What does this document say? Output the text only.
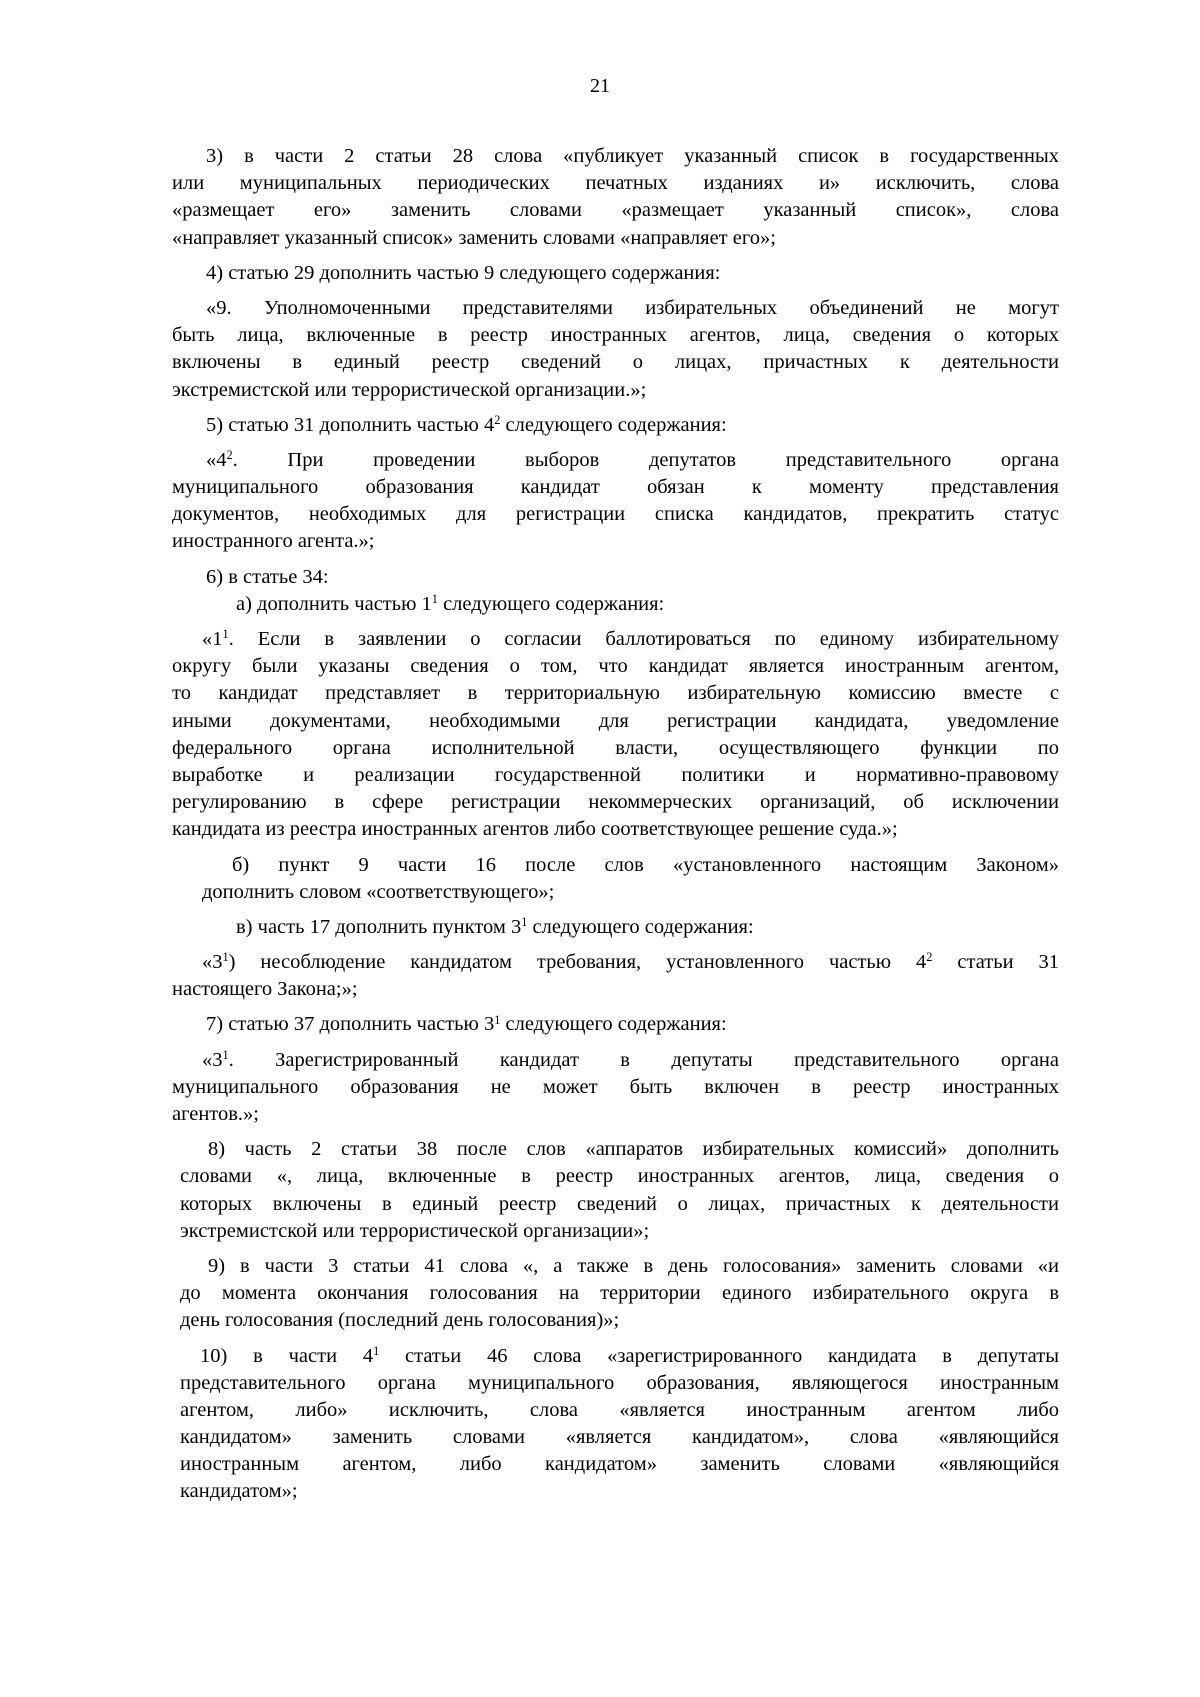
21
3) в части 2 статьи 28 слова «публикует указанный список в государственных
или муниципальных периодических печатных изданиях и» исключить, слова
«размещает его» заменить словами «размещает указанный список», слова
«направляет указанный список» заменить словами «направляет его»;
4) статью 29 дополнить частью 9 следующего содержания:
«9. Уполномоченными представителями избирательных объединений не могут
быть лица, включенные в реестр иностранных агентов, лица, сведения о которых
включены в единый реестр сведений о лицах, причастных к деятельности
экстремистской или террористической организации.»;
5) статью 31 дополнить частью $4^2$ следующего содержания:
«$4^2$. При проведении выборов депутатов представительного органа
муниципального образования кандидат обязан к моменту представления
документов, необходимых для регистрации списка кандидатов, прекратить статус
иностранного агента.»;
6) в статье 34:
а) дополнить частью $1^1$ следующего содержания:
«$1^1$. Если в заявлении о согласии баллотироваться по единому избирательному
округу были указаны сведения о том, что кандидат является иностранным агентом,
то кандидат представляет в территориальную избирательную комиссию вместе с
иными документами, необходимыми для регистрации кандидата, уведомление
федерального органа исполнительной власти, осуществляющего функции по
выработке и реализации государственной политики и нормативно-правовому
регулированию в сфере регистрации некоммерческих организаций, об исключении
кандидата из реестра иностранных агентов либо соответствующее решение суда.»;
б) пункт 9 части 16 после слов «установленного настоящим Законом»
дополнить словом «соответствующего»;
в) часть 17 дополнить пунктом $3^1$ следующего содержания:
«$3^1$) несоблюдение кандидатом требования, установленного частью $4^2$ статьи 31
настоящего Закона;»;
7) статью 37 дополнить частью $3^1$ следующего содержания:
«$3^1$. Зарегистрированный кандидат в депутаты представительного органа
муниципального образования не может быть включен в реестр иностранных
агентов.»;
8) часть 2 статьи 38 после слов «аппаратов избирательных комиссий» дополнить
словами «, лица, включенные в реестр иностранных агентов, лица, сведения о
которых включены в единый реестр сведений о лицах, причастных к деятельности
экстремистской или террористической организации»;
9) в части 3 статьи 41 слова «, а также в день голосования» заменить словами «и
до момента окончания голосования на территории единого избирательного округа в
день голосования (последний день голосования)»;
10) в части $4^1$ статьи 46 слова «зарегистрированного кандидата в депутаты
представительного органа муниципального образования, являющегося иностранным
агентом, либо» исключить, слова «является иностранным агентом либо
кандидатом» заменить словами «является кандидатом», слова «являющийся
иностранным агентом, либо кандидатом» заменить словами «являющийся
кандидатом»;
